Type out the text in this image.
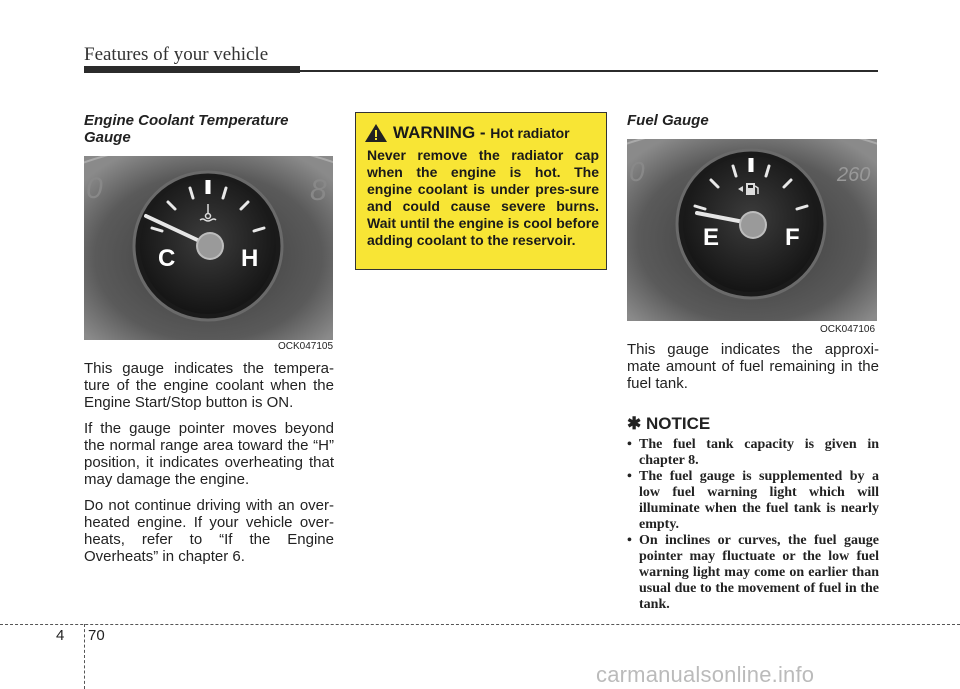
Features of your vehicle
Engine Coolant Temperature Gauge
0	8
C	H
OCK047105

This gauge indicates the tempera-ture of the engine coolant when the Engine Start/Stop button is ON.

If the gauge pointer moves beyond the normal range area toward the “H” position, it indicates overheating that may damage the engine.

Do not continue driving with an over-heated engine. If your vehicle over-heats, refer to “If the Engine Overheats” in chapter 6.

WARNING - Hot radiator
Never remove the radiator cap when the engine is hot. The engine coolant is under pres-sure and could cause severe burns. Wait until the engine is cool before adding coolant to the reservoir.
Fuel Gauge
0	260
E	F
OCK047106

This gauge indicates the approxi-mate amount of fuel remaining in the fuel tank.

✱ NOTICE
• The fuel tank capacity is given in chapter 8.
• The fuel gauge is supplemented by a low fuel warning light which will illuminate when the fuel tank is nearly empty.
• On inclines or curves, the fuel gauge pointer may fluctuate or the low fuel warning light may come on earlier than usual due to the movement of fuel in the tank.
4 70
carmanualsonline.info
